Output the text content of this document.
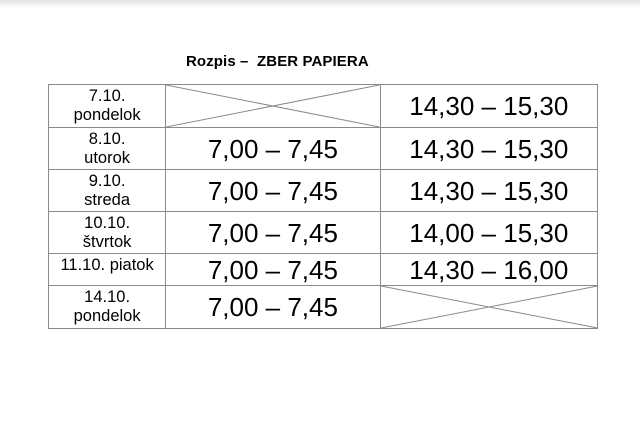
Rozpis –  ZBER PAPIERA
7.10.
pondelok		14,30 – 15,30

8.10.
utorok	7,00 – 7,45	14,30 – 15,30

9.10.
streda	7,00 – 7,45	14,30 – 15,30

10.10.
štvrtok	7,00 – 7,45	14,00 – 15,30
11.10. piatok	7,00 – 7,45	14,30 – 16,00

14.10.
pondelok	7,00 – 7,45	
